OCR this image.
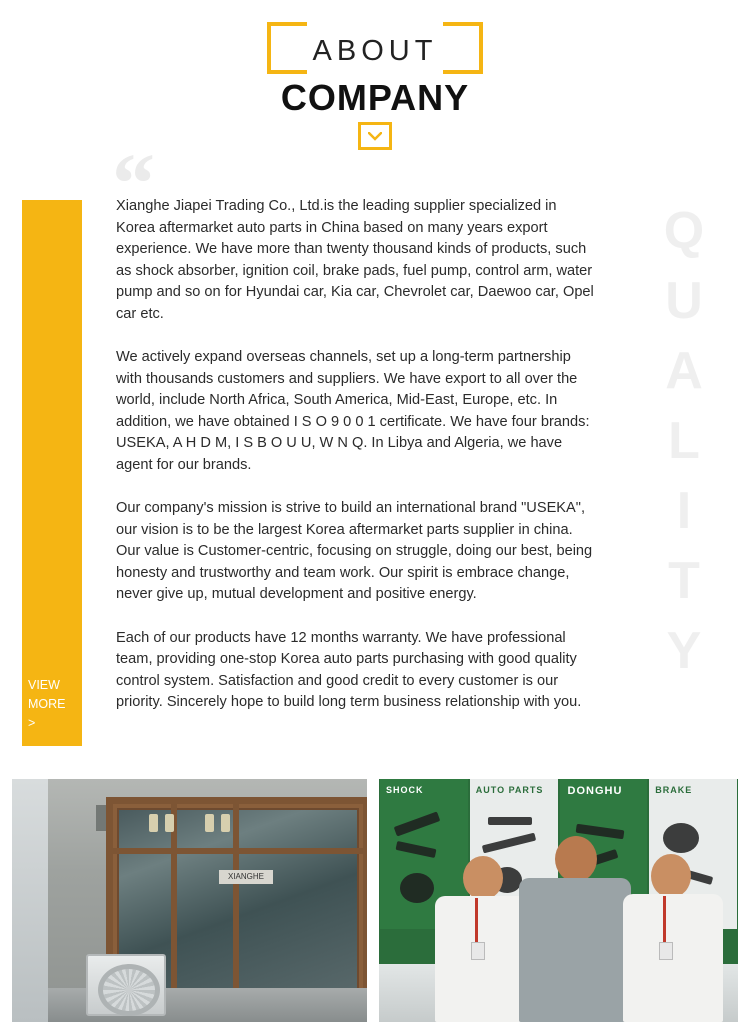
ABOUT
COMPANY
“	Q
U
A
L
I
T
Y
VIEW
MORE
>

Xianghe Jiapei Trading Co., Ltd.is the leading supplier specialized in Korea aftermarket auto parts in China based on many years export experience. We have more than twenty thousand kinds of products, such as shock absorber, ignition coil, brake pads, fuel pump, control arm, water pump and so on for Hyundai car, Kia car, Chevrolet car, Daewoo car, Opel car etc.

We actively expand overseas channels, set up a long-term partnership with thousands customers and suppliers. We have export to all over the world, include North Africa, South America, Mid-East, Europe, etc. In addition, we have obtained I S O 9 0 0 1 certificate. We have four brands: USEKA, A H D M, I S B O U U, W N Q. In Libya and Algeria, we have agent for our brands.

Our company's mission is strive to build an international brand "USEKA", our vision is to be the largest Korea aftermarket parts supplier in china. Our value is Customer-centric, focusing on struggle, doing our best, being honesty and trustworthy and team work. Our spirit is embrace change, never give up, mutual development and positive energy.

Each of our products have 12 months warranty. We have professional team, providing one-stop Korea auto parts purchasing with good quality control system. Satisfaction and good credit to every customer is our priority. Sincerely hope to build long term business relationship with you.

XIANGHE
SHOCK	AUTO PARTS DONGHU	BRAKE
